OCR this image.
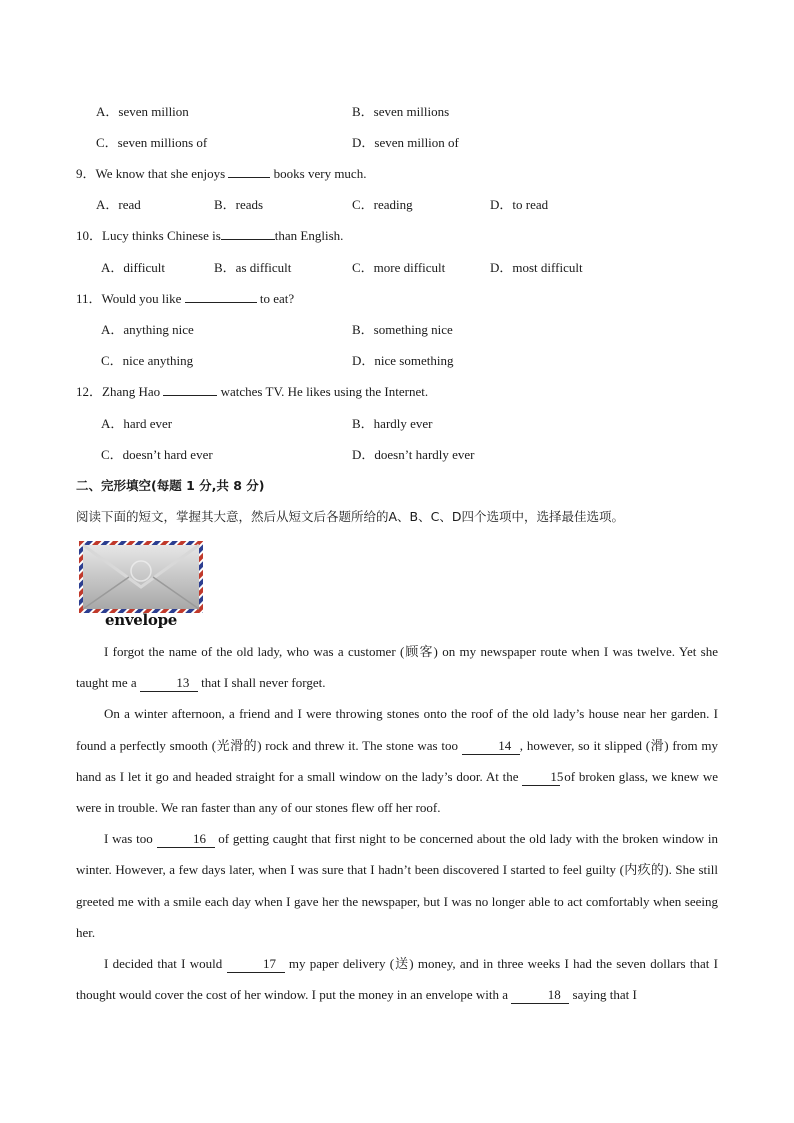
A．seven million	B．seven millions
C．seven millions of	D．seven million of
9．We know that she enjoys	books very much.
A．read	B．reads	C．reading	D．to read
10．Lucy thinks Chinese is	than English.
A．difficult	B．as difficult	C．more difficult	D．most difficult
11．Would you like	to eat?
A．anything nice	B．something nice
C．nice anything	D．nice something
12．Zhang Hao	watches TV. He likes using the Internet.
A．hard ever	B．hardly ever
C．doesn’t hard ever	D．doesn’t hardly ever
二、完形填空(每题 1 分,共 8 分)
阅读下面的短文，掌握其大意，然后从短文后各题所给的A、B、C、D四个选项中，选择最佳选项。
envelope

I forgot the name of the old lady, who was a customer (顾客) on my newspaper route when I was twelve. Yet she taught me a	13 that I shall never forget.

On a winter afternoon, a friend and I were throwing stones onto the roof of the old lady’s house near her garden. I found a perfectly smooth (光滑的) rock and threw it. The stone was too	14 , however, so it slipped (滑) from my hand as I let it go and headed straight for a small window on the lady’s door. At the 15 of broken glass, we knew we were in trouble. We ran faster than any of our stones flew off her roof.

I was too	16 of getting caught that first night to be concerned about the old lady with the broken window in winter. However, a few days later, when I was sure that I hadn’t been discovered I started to feel guilty (内疚的). She still greeted me with a smile each day when I gave her the newspaper, but I was no longer able to act comfortably when seeing her.

I decided that I would	17 my paper delivery (送) money, and in three weeks I had the seven dollars that I thought would cover the cost of her window. I put the money in an envelope with a	18 saying that I
